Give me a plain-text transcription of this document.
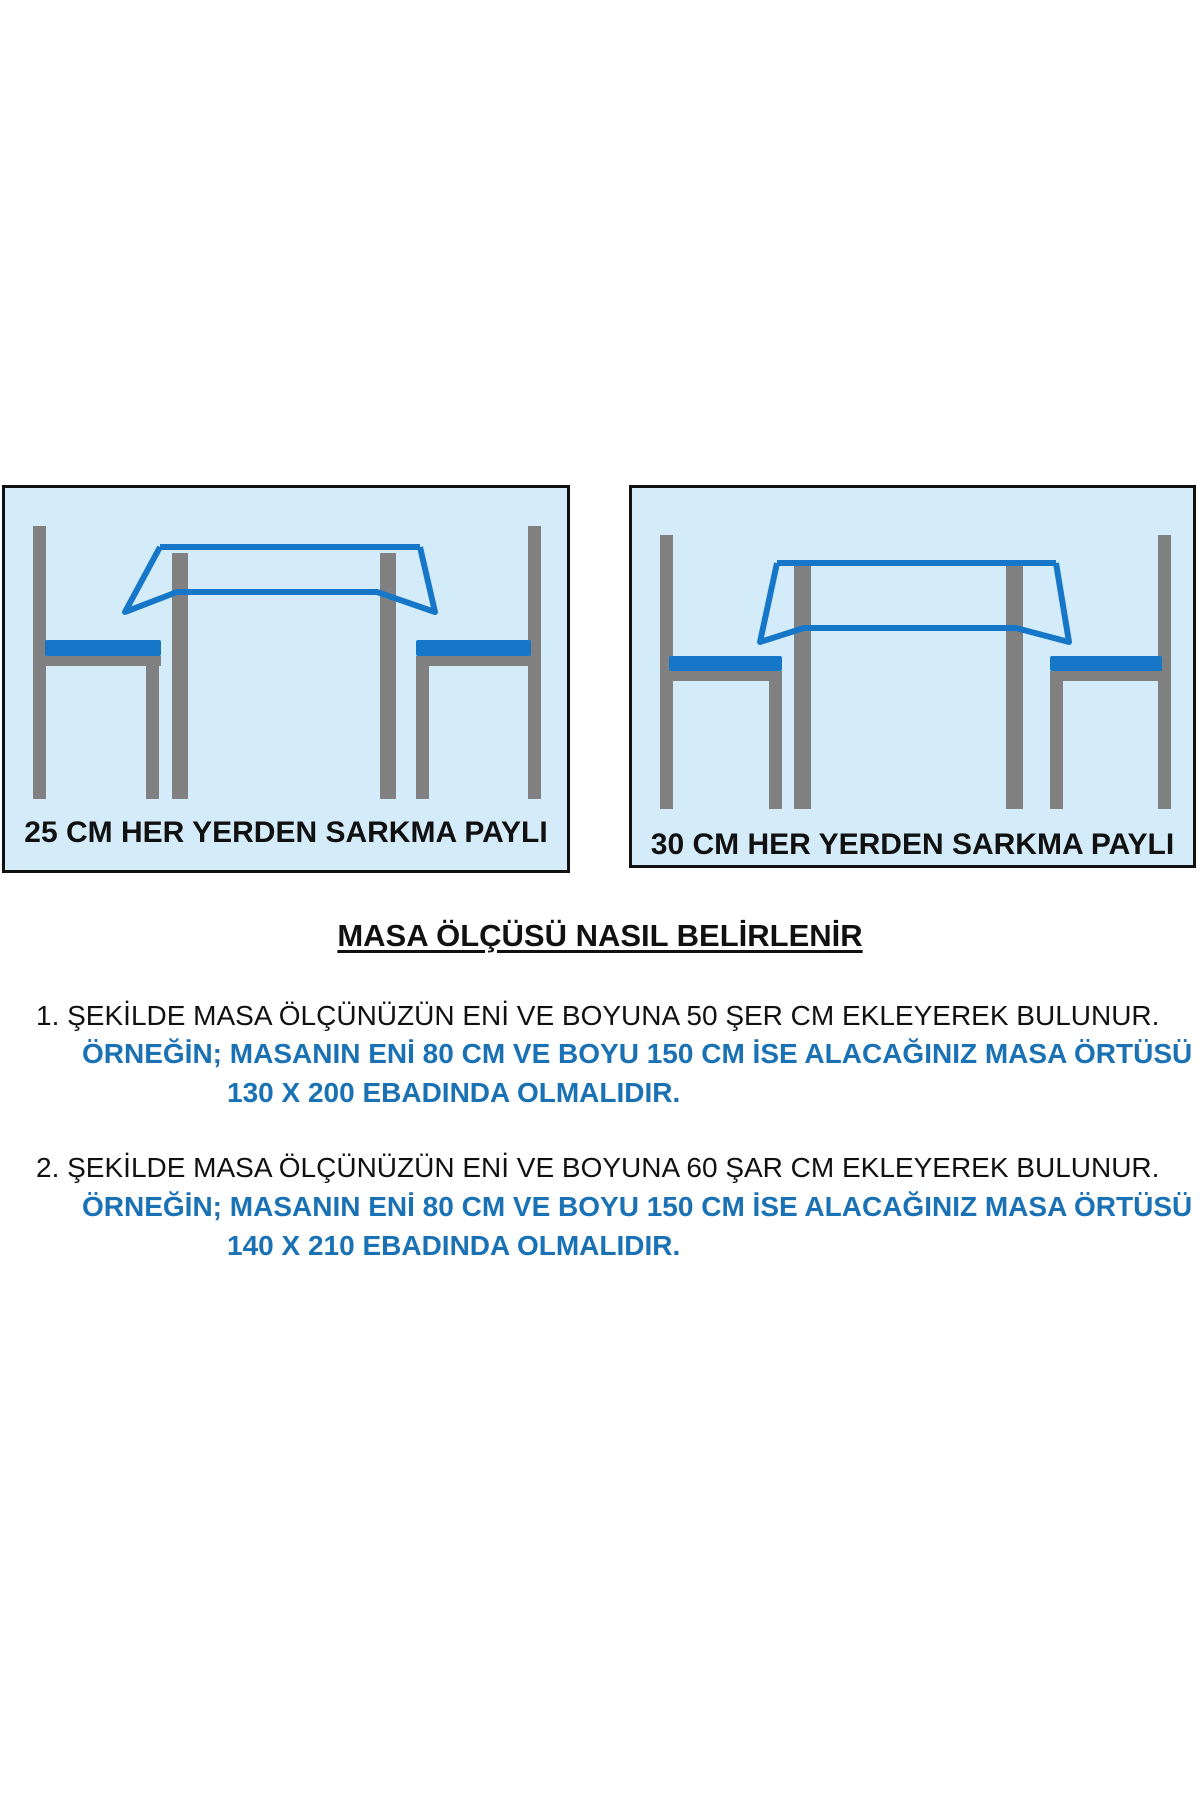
25 CM HER YERDEN SARKMA PAYLI	30 CM HER YERDEN SARKMA PAYLI
MASA ÖLÇÜSÜ NASIL BELİRLENİR
1. ŞEKİLDE MASA ÖLÇÜNÜZÜN ENİ VE BOYUNA 50 ŞER CM EKLEYEREK BULUNUR.
ÖRNEĞİN; MASANIN ENİ 80 CM VE BOYU 150 CM İSE ALACAĞINIZ MASA ÖRTÜSÜ
130 X 200 EBADINDA OLMALIDIR.
2. ŞEKİLDE MASA ÖLÇÜNÜZÜN ENİ VE BOYUNA 60 ŞAR CM EKLEYEREK BULUNUR.
ÖRNEĞİN; MASANIN ENİ 80 CM VE BOYU 150 CM İSE ALACAĞINIZ MASA ÖRTÜSÜ
140 X 210 EBADINDA OLMALIDIR.
